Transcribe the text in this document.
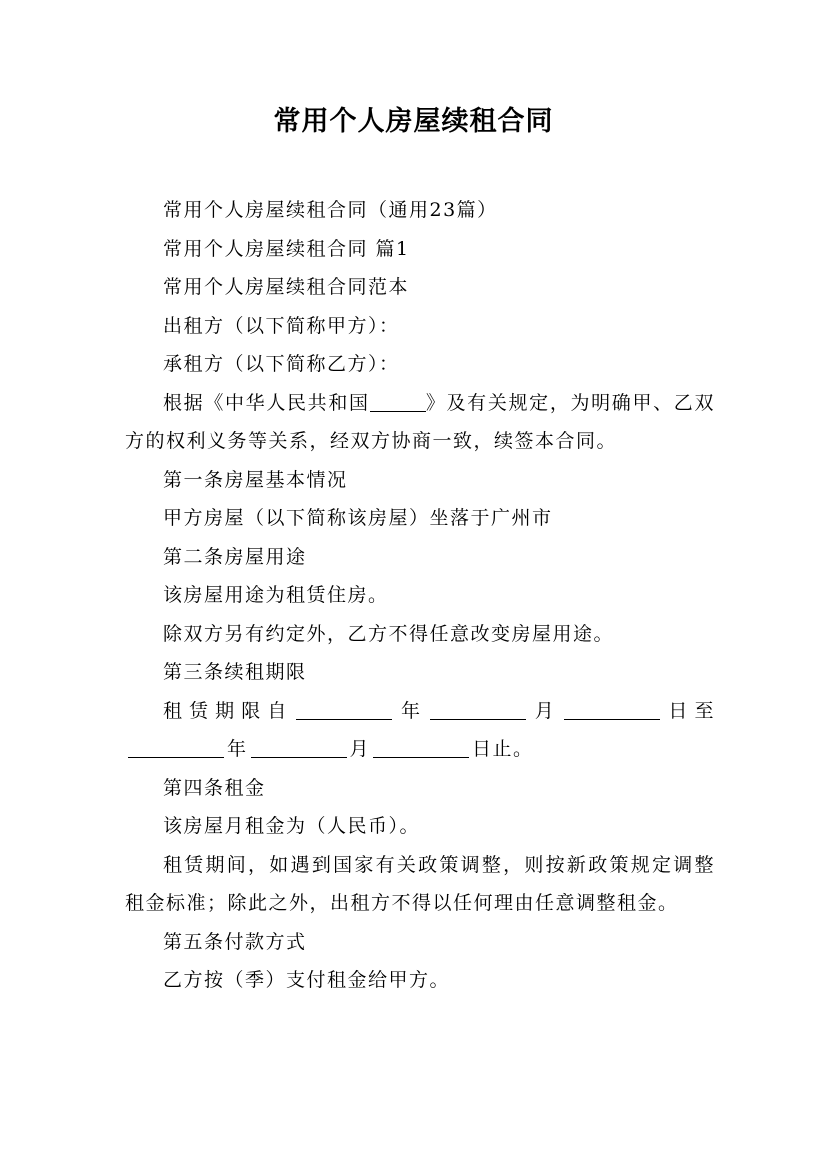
常用个人房屋续租合同

常用个人房屋续租合同（通用23篇）

常用个人房屋续租合同 篇1

常用个人房屋续租合同范本

出租方（以下简称甲方）：

承租方（以下简称乙方）：

根据《中华人民共和国	》及有关规定，为明确甲、乙双方的权利义务等关系，经双方协商一致，续签本合同。

第一条房屋基本情况

甲方房屋（以下简称该房屋）坐落于广州市

第二条房屋用途

该房屋用途为租赁住房。

除双方另有约定外，乙方不得任意改变房屋用途。

第三条续租期限

租赁期限自	年	月	日至 年	月	日止。

第四条租金

该房屋月租金为（人民币）。

租赁期间，如遇到国家有关政策调整，则按新政策规定调整租金标准；除此之外，出租方不得以任何理由任意调整租金。

第五条付款方式

乙方按（季）支付租金给甲方。
